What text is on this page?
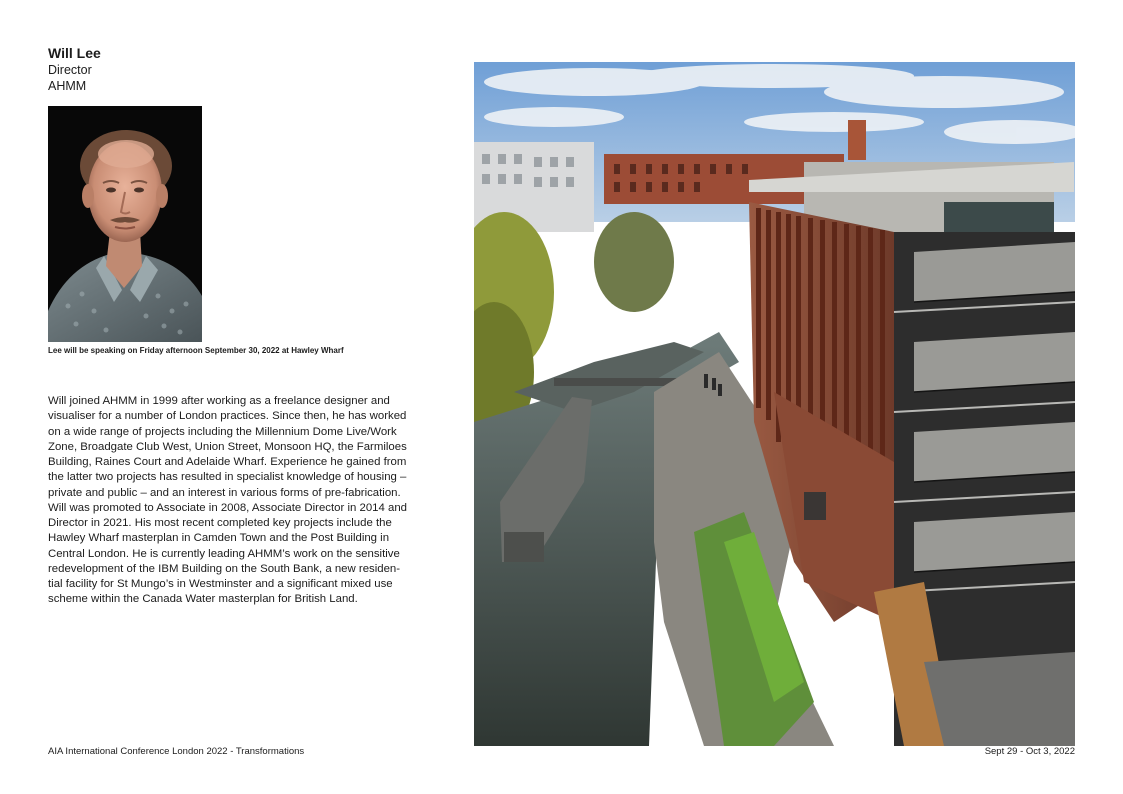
Will Lee
Director
AHMM
Lee will be speaking on Friday afternoon September 30, 2022 at Hawley Wharf

Will joined AHMM in 1999 after working as a freelance designer and

visualiser for a number of London practices. Since then, he has worked

on a wide range of projects including the Millennium Dome Live/Work

Zone, Broadgate Club West, Union Street, Monsoon HQ, the Farmiloes

Building, Raines Court and Adelaide Wharf. Experience he gained from

the latter two projects has resulted in specialist knowledge of housing –

private and public – and an interest in various forms of pre-fabrication.

Will was promoted to Associate in 2008, Associate Director in 2014 and

Director in 2021. His most recent completed key projects include the

Hawley Wharf masterplan in Camden Town and the Post Building in

Central London. He is currently leading AHMM’s work on the sensitive

redevelopment of the IBM Building on the South Bank, a new residen-

tial facility for St Mungo’s in Westminster and a significant mixed use

scheme within the Canada Water masterplan for British Land.

AIA International Conference London 2022 - Transformations	Sept 29 - Oct 3, 2022
